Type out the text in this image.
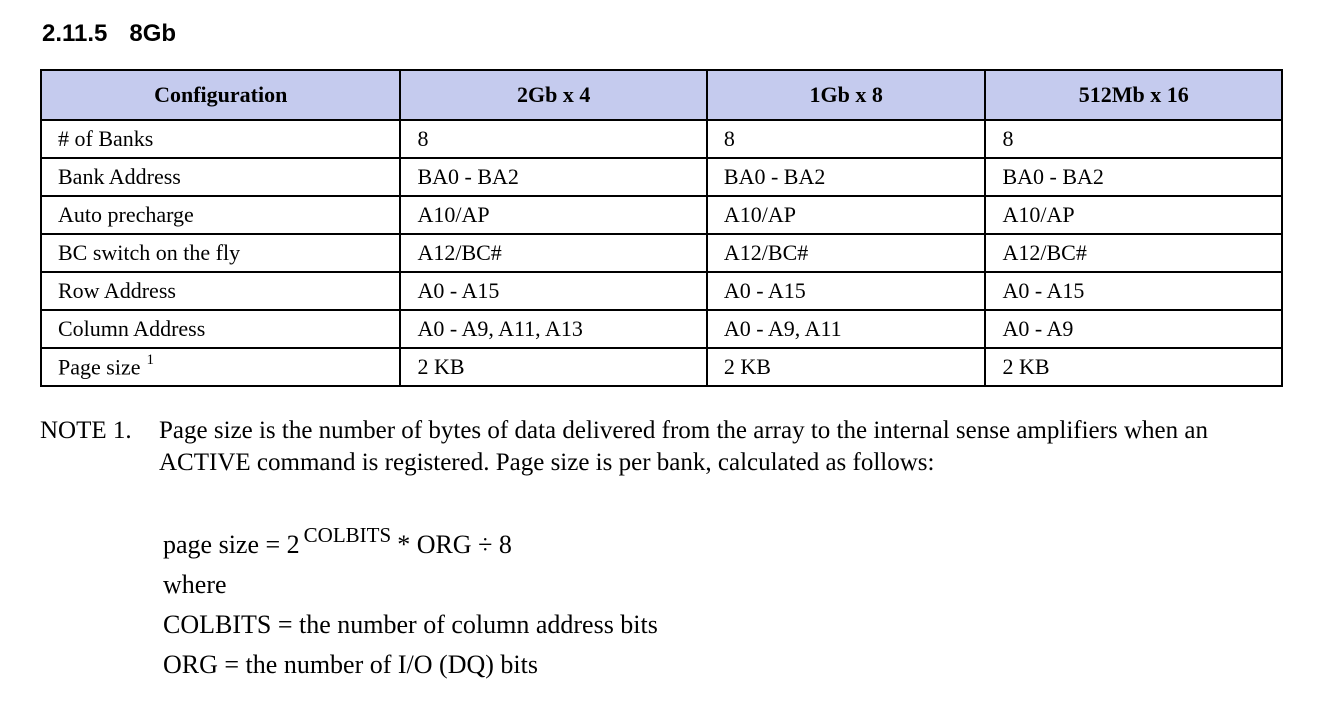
2.11.5 8Gb
Configuration	2Gb x 4	1Gb x 8	512Mb x 16
# of Banks	8	8	8
Bank Address	BA0 - BA2	BA0 - BA2	BA0 - BA2
Auto precharge	A10/AP	A10/AP	A10/AP
BC switch on the fly	A12/BC#	A12/BC#	A12/BC#
Row Address	A0 - A15	A0 - A15	A0 - A15
Column Address	A0 - A9, A11, A13	A0 - A9, A11	A0 - A9
Page size $^1$	2 KB	2 KB	2 KB
NOTE 1. Page size is the number of bytes of data delivered from the array to the internal sense amplifiers when an
ACTIVE command is registered. Page size is per bank, calculated as follows:
page size = 2 $^{COLBITS}$ * ORG ÷ 8
where
COLBITS = the number of column address bits
ORG = the number of I/O (DQ) bits
